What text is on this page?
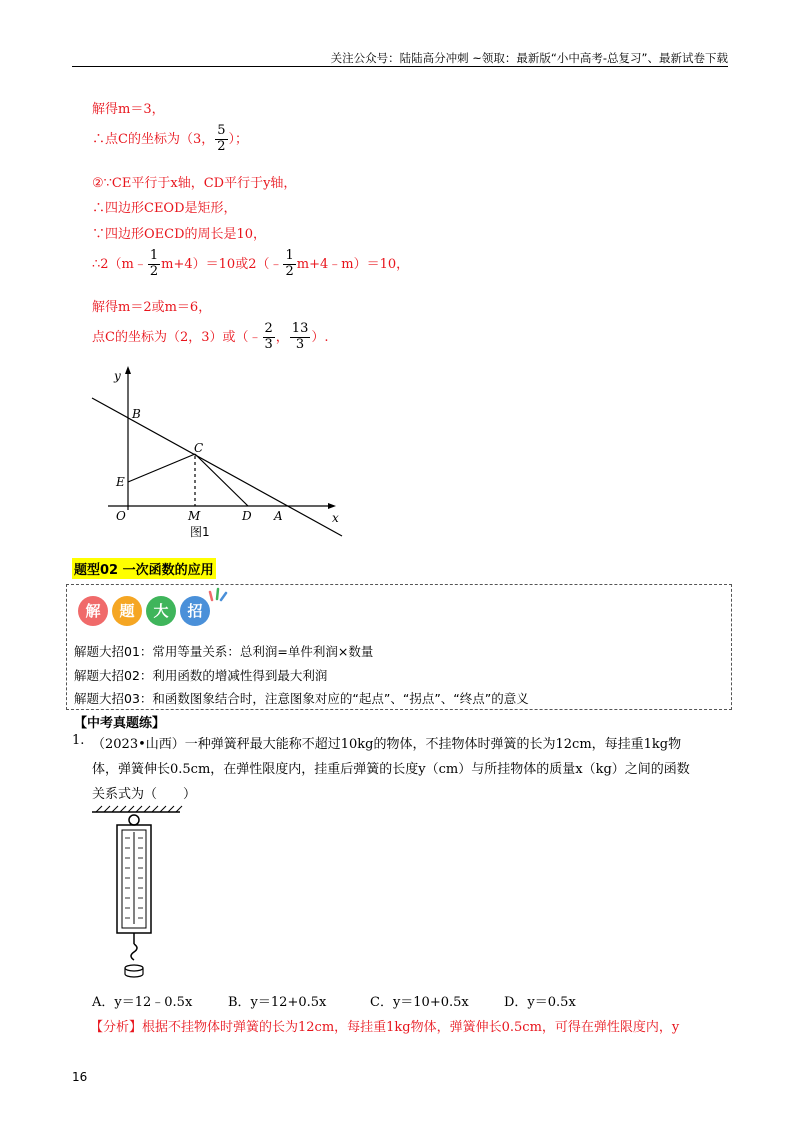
关注公众号：陆陆高分冲刺 ~领取：最新版“小中高考-总复习”、最新试卷下载
解得m＝3，
∴点C的坐标为（3， $\frac{5}{2}$ ）；
②∵CE平行于x轴，CD平行于y轴，
∴四边形CEOD是矩形，
∵四边形OECD的周长是10，
∴2（m﹣ $\frac{1}{2} m+4)=10$或2（﹣ $\frac{1}{2}$ m+4﹣m）＝10，
解得m＝2或m＝6，
点C的坐标为（2，3）或（﹣ $\frac{2}{3}$ ， $\frac{13}{3}$ ）.
y
x
B
C
E
O	M	D A
图1
题型02 一次函数的应用
解	题	大	招
解题大招01：常用等量关系：总利润=单件利润×数量
解题大招02：利用函数的增减性得到最大利润
解题大招03：和函数图象结合时，注意图象对应的“起点”、“拐点”、“终点”的意义
【中考真题练】
1. （2023•山西）一种弹簧秤最大能称不超过10kg的物体，不挂物体时弹簧的长为12cm，每挂重1kg物
体，弹簧伸长0.5cm，在弹性限度内，挂重后弹簧的长度y（cm）与所挂物体的质量x（kg）之间的函数
关系式为（　　）
A．y＝12﹣0.5x	B．y＝12+0.5x	C．y＝10+0.5x	D．y＝0.5x
【分析】根据不挂物体时弹簧的长为12cm，每挂重1kg物体，弹簧伸长0.5cm，可得在弹性限度内，y
16
